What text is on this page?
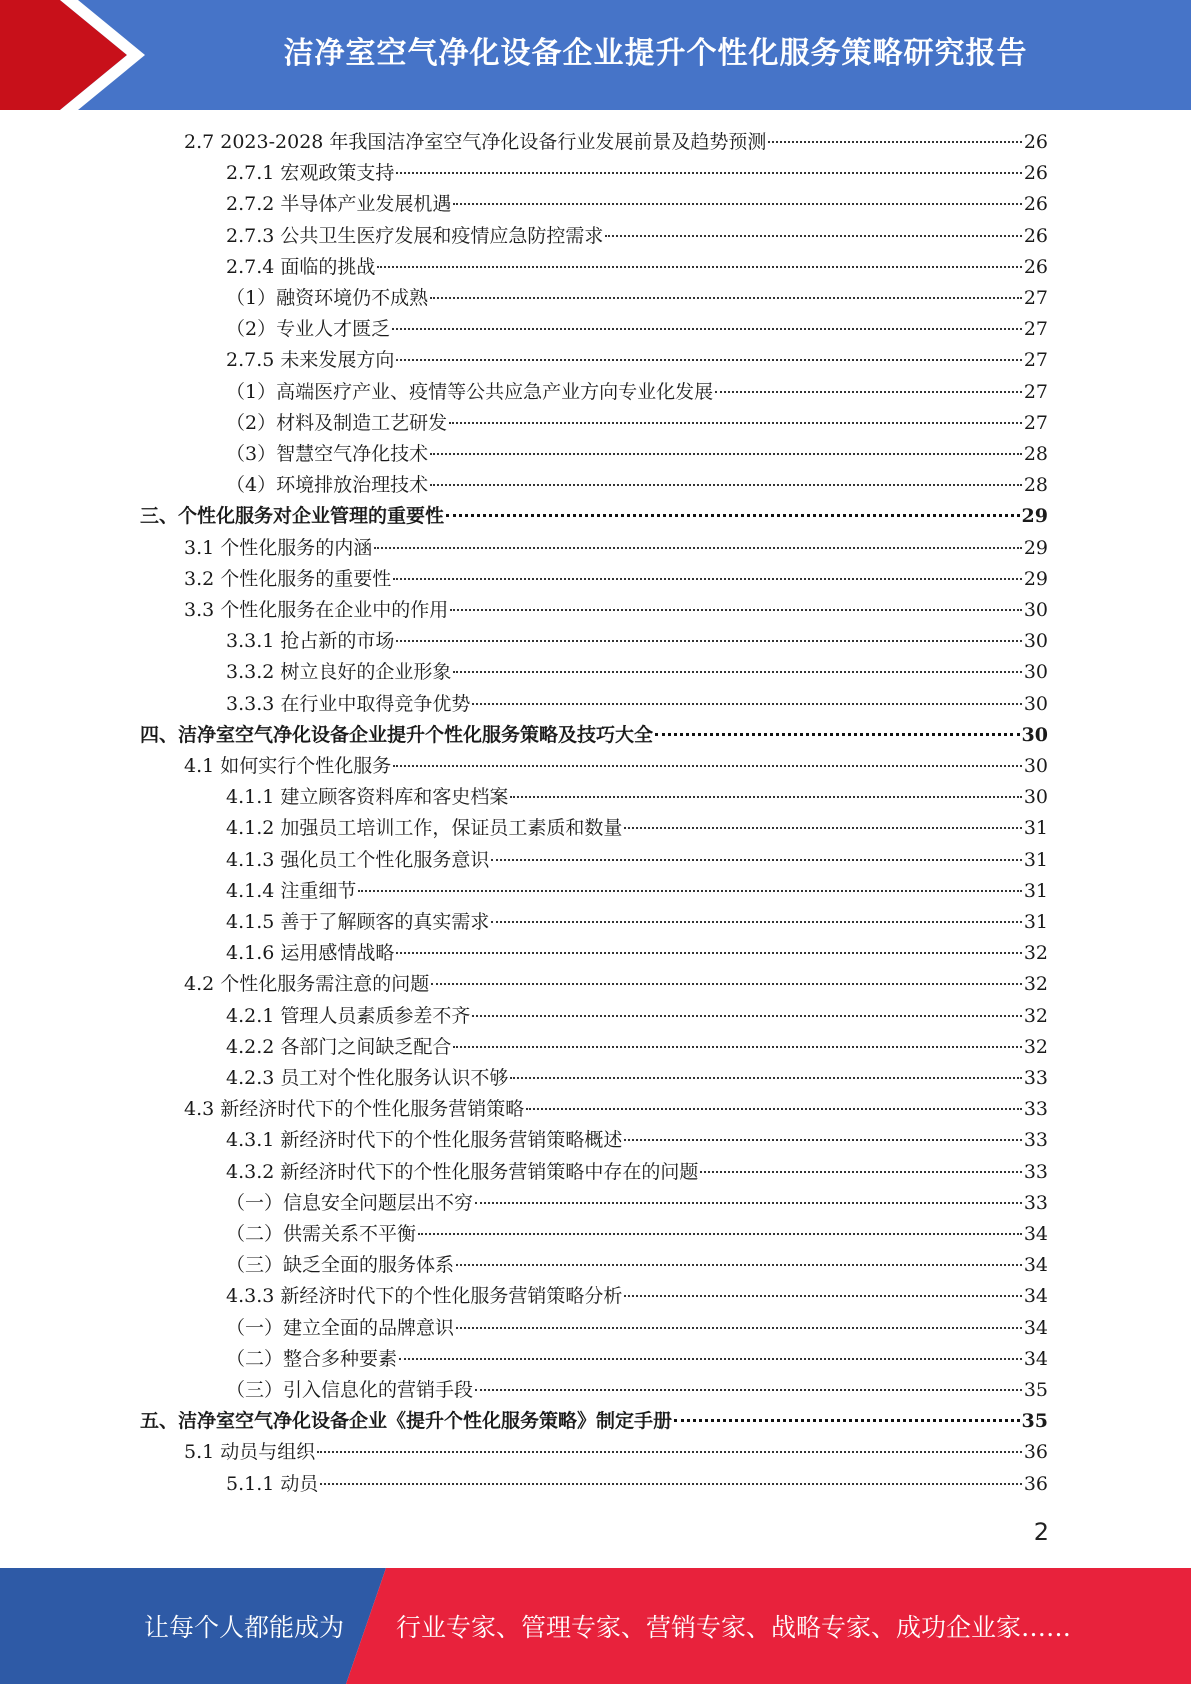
洁净室空气净化设备企业提升个性化服务策略研究报告
2.7 2023-2028 年我国洁净室空气净化设备行业发展前景及趋势预测	26
2.7.1 宏观政策支持	26
2.7.2 半导体产业发展机遇	26
2.7.3 公共卫生医疗发展和疫情应急防控需求	26
2.7.4 面临的挑战	26
（1）融资环境仍不成熟	27
（2）专业人才匮乏	27
2.7.5 未来发展方向	27
（1）高端医疗产业、疫情等公共应急产业方向专业化发展	27
（2）材料及制造工艺研发	27
（3）智慧空气净化技术	28
（4）环境排放治理技术	28
三、个性化服务对企业管理的重要性	29
3.1 个性化服务的内涵	29
3.2 个性化服务的重要性	29
3.3 个性化服务在企业中的作用	30
3.3.1 抢占新的市场	30
3.3.2 树立良好的企业形象	30
3.3.3 在行业中取得竞争优势	30
四、洁净室空气净化设备企业提升个性化服务策略及技巧大全	30
4.1 如何实行个性化服务	30
4.1.1 建立顾客资料库和客史档案	30
4.1.2 加强员工培训工作，保证员工素质和数量	31
4.1.3 强化员工个性化服务意识	31
4.1.4 注重细节	31
4.1.5 善于了解顾客的真实需求	31
4.1.6 运用感情战略	32
4.2 个性化服务需注意的问题	32
4.2.1 管理人员素质参差不齐	32
4.2.2 各部门之间缺乏配合	32
4.2.3 员工对个性化服务认识不够	33
4.3 新经济时代下的个性化服务营销策略	33
4.3.1 新经济时代下的个性化服务营销策略概述	33
4.3.2 新经济时代下的个性化服务营销策略中存在的问题	33
（一）信息安全问题层出不穷	33
（二）供需关系不平衡	34
（三）缺乏全面的服务体系	34
4.3.3 新经济时代下的个性化服务营销策略分析	34
（一）建立全面的品牌意识	34
（二）整合多种要素	34
（三）引入信息化的营销手段	35
五、洁净室空气净化设备企业《提升个性化服务策略》制定手册	35
5.1 动员与组织	36
5.1.1 动员	36
2
让每个人都能成为 行业专家、管理专家、营销专家、战略专家、成功企业家……
